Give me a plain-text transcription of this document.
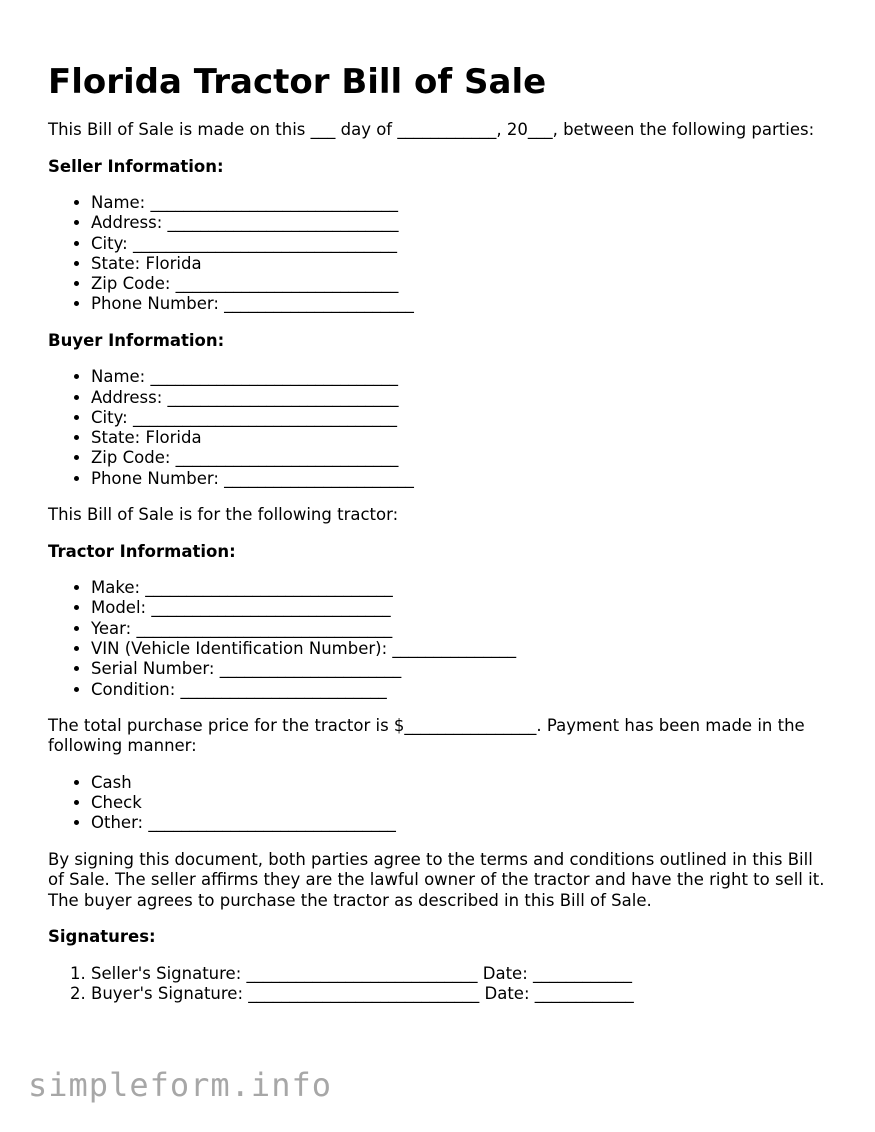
Florida Tractor Bill of Sale

This Bill of Sale is made on this ___ day of ____________, 20___, between the following parties:

Seller Information:
• Name: ______________________________
• Address: ____________________________
• City: ________________________________
• State: Florida
• Zip Code: ___________________________
• Phone Number: _______________________
Buyer Information:
• Name: ______________________________
• Address: ____________________________
• City: ________________________________
• State: Florida
• Zip Code: ___________________________
• Phone Number: _______________________

This Bill of Sale is for the following tractor:

Tractor Information:
• Make: ______________________________
• Model: _____________________________
• Year: _______________________________
• VIN (Vehicle Identification Number): _______________
• Serial Number: ______________________
• Condition: _________________________

The total purchase price for the tractor is $________________. Payment has been made in the following manner:

• Cash
• Check
• Other: ______________________________

By signing this document, both parties agree to the terms and conditions outlined in this Bill of Sale. The seller affirms they are the lawful owner of the tractor and have the right to sell it. The buyer agrees to purchase the tractor as described in this Bill of Sale.

Signatures:
1. Seller's Signature: ____________________________ Date: ____________
2. Buyer's Signature: ____________________________ Date: ____________
simpleform.info
